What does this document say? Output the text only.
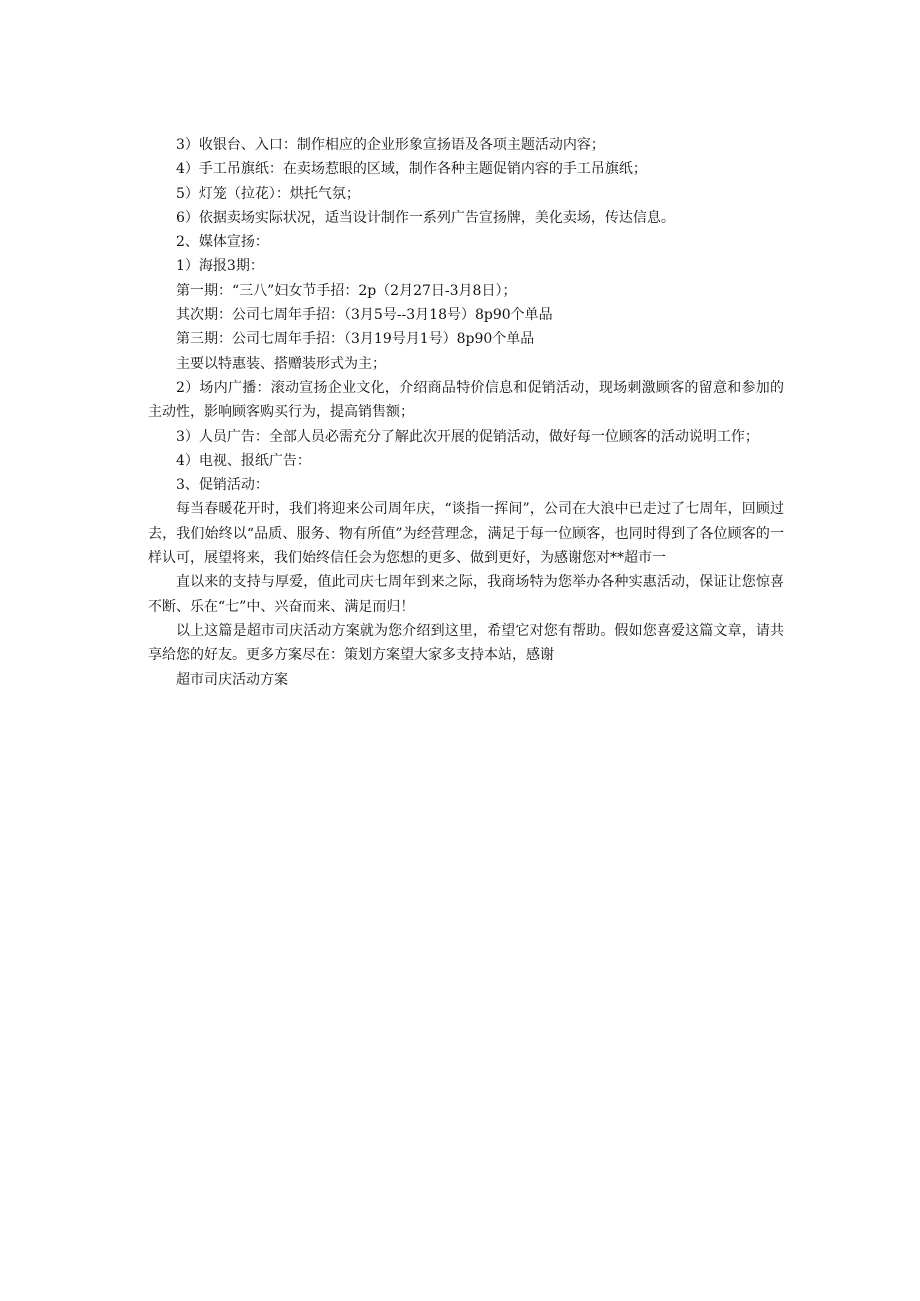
3）收银台、入口：制作相应的企业形象宣扬语及各项主题活动内容；

4）手工吊旗纸：在卖场惹眼的区域，制作各种主题促销内容的手工吊旗纸；

5）灯笼（拉花）：烘托气氛；

6）依据卖场实际状况，适当设计制作一系列广告宣扬牌，美化卖场，传达信息。

2、媒体宣扬：

1）海报3期：

第一期：“三八”妇女节手招：2p（2月27日-3月8日）；

其次期：公司七周年手招：（3月5号--3月18号）8p90个单品

第三期：公司七周年手招：（3月19号月1号）8p90个单品

主要以特惠装、搭赠装形式为主；

2）场内广播：滚动宣扬企业文化，介绍商品特价信息和促销活动，现场刺激顾客的留意和参加的主动性，影响顾客购买行为，提高销售额；

3）人员广告：全部人员必需充分了解此次开展的促销活动，做好每一位顾客的活动说明工作；

4）电视、报纸广告：

3、促销活动：

每当春暖花开时，我们将迎来公司周年庆，“谈指一挥间”，公司在大浪中已走过了七周年，回顾过去，我们始终以“品质、服务、物有所值”为经营理念，满足于每一位顾客，也同时得到了各位顾客的一样认可，展望将来，我们始终信任会为您想的更多、做到更好，为感谢您对**超市一

直以来的支持与厚爱，值此司庆七周年到来之际，我商场特为您举办各种实惠活动，保证让您惊喜不断、乐在“七”中、兴奋而来、满足而归！

以上这篇是超市司庆活动方案就为您介绍到这里，希望它对您有帮助。假如您喜爱这篇文章，请共享给您的好友。更多方案尽在：策划方案望大家多支持本站，感谢

超市司庆活动方案
